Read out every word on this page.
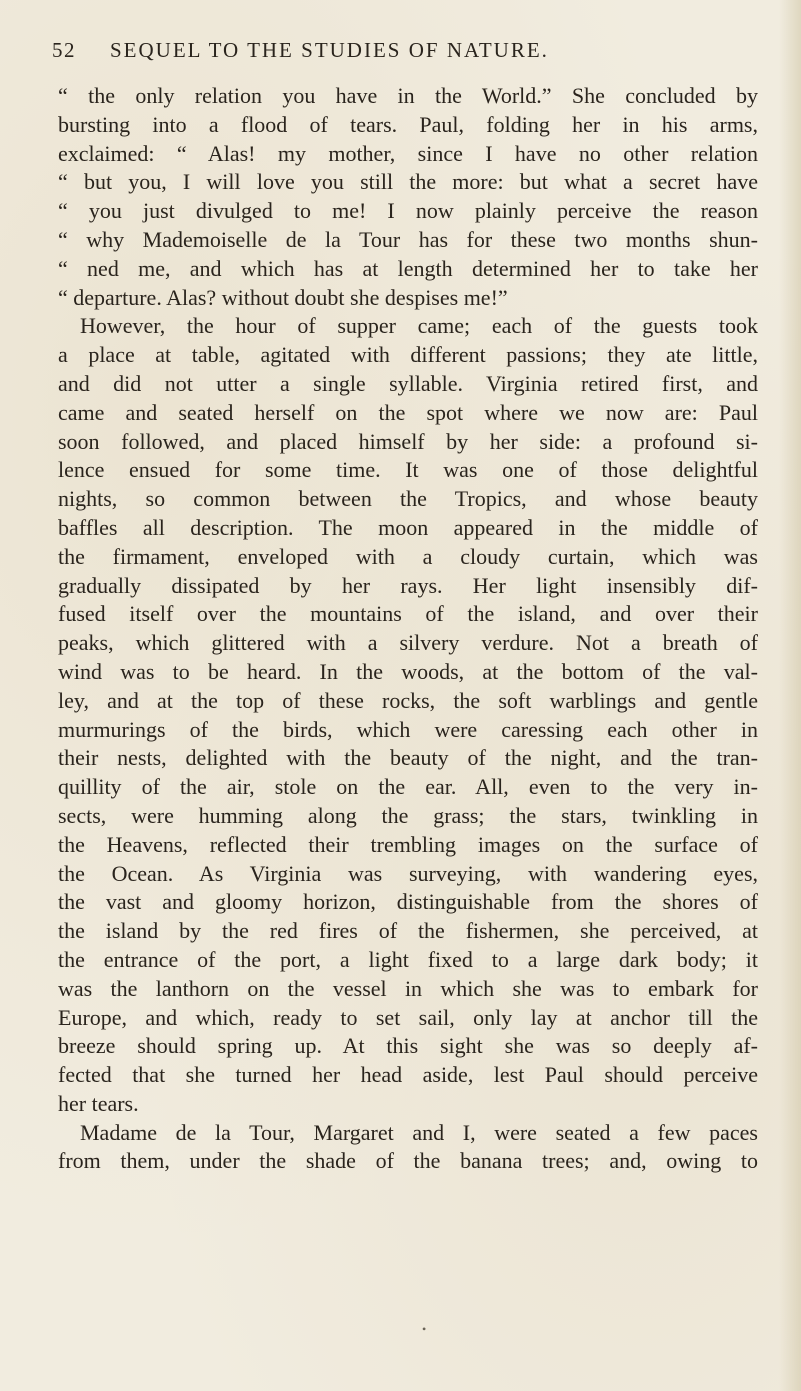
52 SEQUEL TO THE STUDIES OF NATURE.
“ the only relation you have in the World.” She concluded by
bursting into a flood of tears. Paul, folding her in his arms,
exclaimed: “ Alas! my mother, since I have no other relation
“ but you, I will love you still the more: but what a secret have
“ you just divulged to me! I now plainly perceive the reason
“ why Mademoiselle de la Tour has for these two months shun-
“ ned me, and which has at length determined her to take her
“ departure. Alas? without doubt she despises me!”
However, the hour of supper came; each of the guests took
a place at table, agitated with different passions; they ate little,
and did not utter a single syllable. Virginia retired first, and
came and seated herself on the spot where we now are: Paul
soon followed, and placed himself by her side: a profound si-
lence ensued for some time. It was one of those delightful
nights, so common between the Tropics, and whose beauty
baffles all description. The moon appeared in the middle of
the firmament, enveloped with a cloudy curtain, which was
gradually dissipated by her rays. Her light insensibly dif-
fused itself over the mountains of the island, and over their
peaks, which glittered with a silvery verdure. Not a breath of
wind was to be heard. In the woods, at the bottom of the val-
ley, and at the top of these rocks, the soft warblings and gentle
murmurings of the birds, which were caressing each other in
their nests, delighted with the beauty of the night, and the tran-
quillity of the air, stole on the ear. All, even to the very in-
sects, were humming along the grass; the stars, twinkling in
the Heavens, reflected their trembling images on the surface of
the Ocean. As Virginia was surveying, with wandering eyes,
the vast and gloomy horizon, distinguishable from the shores of
the island by the red fires of the fishermen, she perceived, at
the entrance of the port, a light fixed to a large dark body; it
was the lanthorn on the vessel in which she was to embark for
Europe, and which, ready to set sail, only lay at anchor till the
breeze should spring up. At this sight she was so deeply af-
fected that she turned her head aside, lest Paul should perceive
her tears.
Madame de la Tour, Margaret and I, were seated a few paces
from them, under the shade of the banana trees; and, owing to
•
